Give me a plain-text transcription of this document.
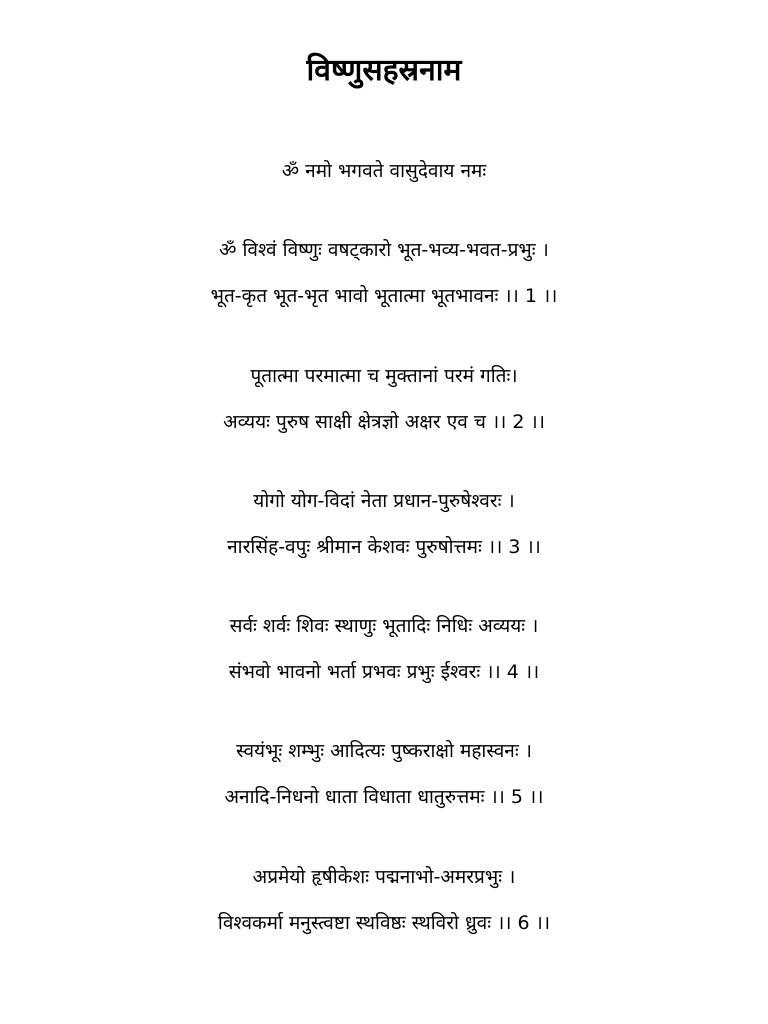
विष्णुसहस्रनाम

ॐ नमो भगवते वासुदेवाय नमः

ॐ विश्वं विष्णुः वषट्कारो भूत-भव्य-भवत-प्रभुः ।
भूत-कृत भूत-भृत भावो भूतात्मा भूतभावनः ।। 1 ।।
पूतात्मा परमात्मा च मुक्तानां परमं गतिः।
अव्ययः पुरुष साक्षी क्षेत्रज्ञो अक्षर एव च ।। 2 ।।
योगो योग-विदां नेता प्रधान-पुरुषेश्वरः ।
नारसिंह-वपुः श्रीमान केशवः पुरुषोत्तमः ।। 3 ।।
सर्वः शर्वः शिवः स्थाणुः भूतादिः निधिः अव्ययः ।
संभवो भावनो भर्ता प्रभवः प्रभुः ईश्वरः ।। 4 ।।
स्वयंभूः शम्भुः आदित्यः पुष्कराक्षो महास्वनः ।
अनादि-निधनो धाता विधाता धातुरुत्तमः ।। 5 ।।
अप्रमेयो हृषीकेशः पद्मनाभो-अमरप्रभुः ।
विश्वकर्मा मनुस्त्वष्टा स्थविष्ठः स्थविरो ध्रुवः ।। 6 ।।
